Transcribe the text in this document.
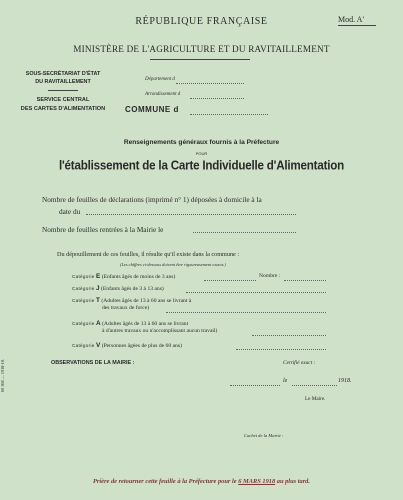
RÉPUBLIQUE FRANÇAISE	Mod. A'
MINISTÈRE DE L'AGRICULTURE ET DU RAVITAILLEMENT
SOUS-SECRÉTARIAT D'ÉTAT
DU RAVITAILLEMENT
SERVICE CENTRAL
DES CARTES D'ALIMENTATION
Département d
Arrondissement d
COMMUNE d
Renseignements généraux fournis à la Préfecture
POUR
l'établissement de la Carte Individuelle d'Alimentation
Nombre de feuilles de déclarations (imprimé n° 1) déposées à domicile à la
date du
Nombre de feuilles rentrées à la Mairie le
Du dépouillement de ces feuilles, il résulte qu'il existe dans la commune :
(Les chiffres ci-dessous doivent être rigoureusement exacts.)
Catégorie E (Enfants âgés de moins de 3 ans)	Nombre :
Catégorie J (Enfants âgés de 3 à 13 ans)
Catégorie T (Adultes âgés de 13 à 60 ans se livrant à
des travaux de force)
Catégorie A (Adultes âgés de 13 à 60 ans se livrant
à d'autres travaux ou n'accomplissant aucun travail)
Catégorie V (Personnes âgées de plus de 60 ans)
OBSERVATIONS DE LA MAIRIE :	Certifié exact :
le	1918.
Le Maire.
Cachet de la Mairie :
60 568 — 1918-18.
Prière de retourner cette feuille à la Préfecture pour le 6 MARS 1918 au plus tard.
